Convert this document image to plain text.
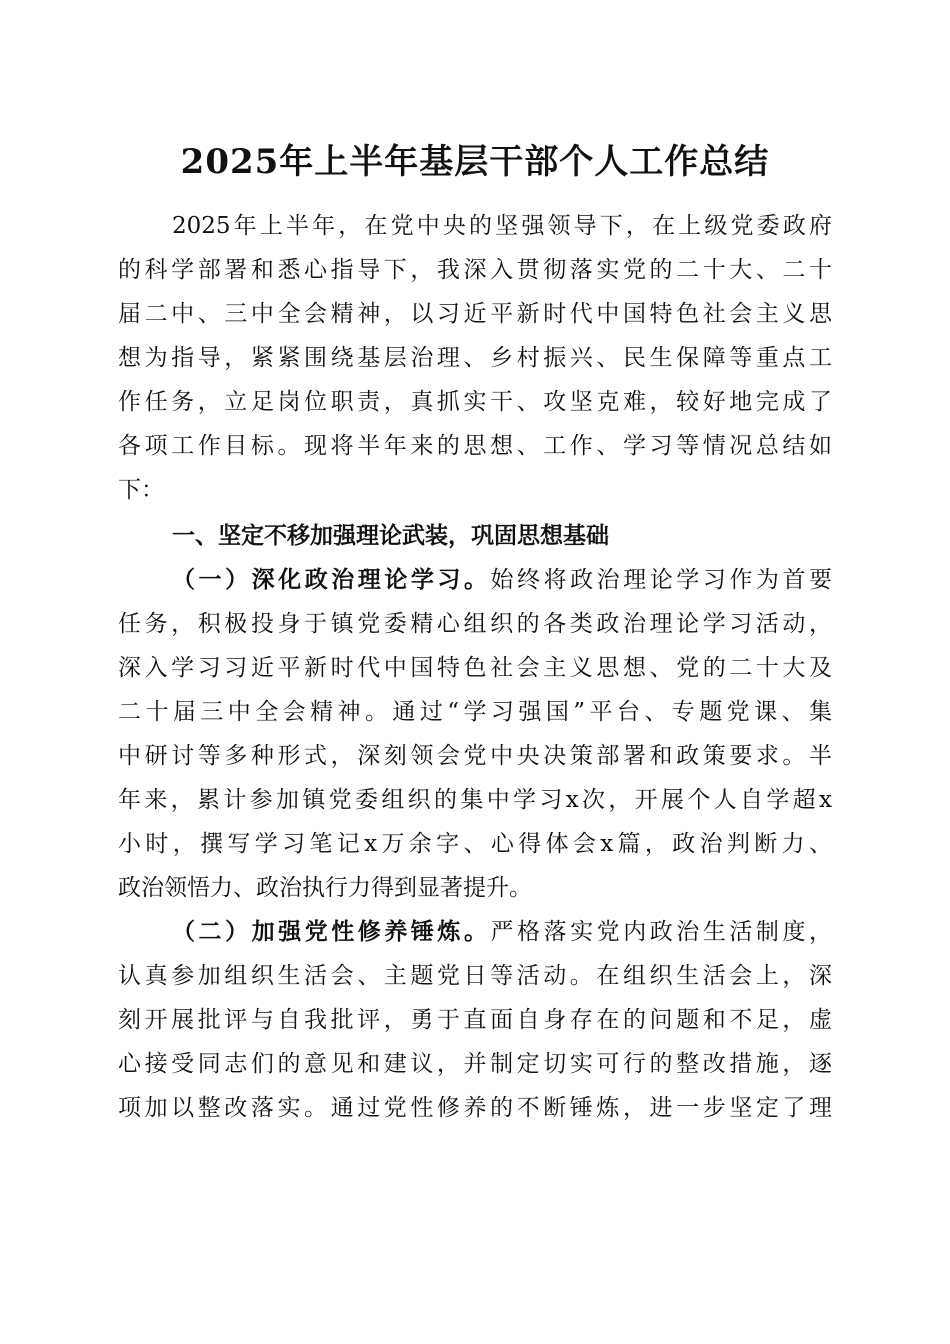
2025年上半年基层干部个人工作总结
2025年上半年，在党中央的坚强领导下，在上级党委政府
的科学部署和悉心指导下，我深入贯彻落实党的二十大、二十
届二中、三中全会精神，以习近平新时代中国特色社会主义思
想为指导，紧紧围绕基层治理、乡村振兴、民生保障等重点工
作任务，立足岗位职责，真抓实干、攻坚克难，较好地完成了
各项工作目标。现将半年来的思想、工作、学习等情况总结如
下：
一、坚定不移加强理论武装，巩固思想基础
（一）深化政治理论学习。始终将政治理论学习作为首要
任务，积极投身于镇党委精心组织的各类政治理论学习活动，
深入学习习近平新时代中国特色社会主义思想、党的二十大及
二十届三中全会精神。通过“学习强国”平台、专题党课、集
中研讨等多种形式，深刻领会党中央决策部署和政策要求。半
年来，累计参加镇党委组织的集中学习x次，开展个人自学超x
小时，撰写学习笔记x万余字、心得体会x篇，政治判断力、
政治领悟力、政治执行力得到显著提升。
（二）加强党性修养锤炼。严格落实党内政治生活制度，
认真参加组织生活会、主题党日等活动。在组织生活会上，深
刻开展批评与自我批评，勇于直面自身存在的问题和不足，虚
心接受同志们的意见和建议，并制定切实可行的整改措施，逐
项加以整改落实。通过党性修养的不断锤炼，进一步坚定了理
